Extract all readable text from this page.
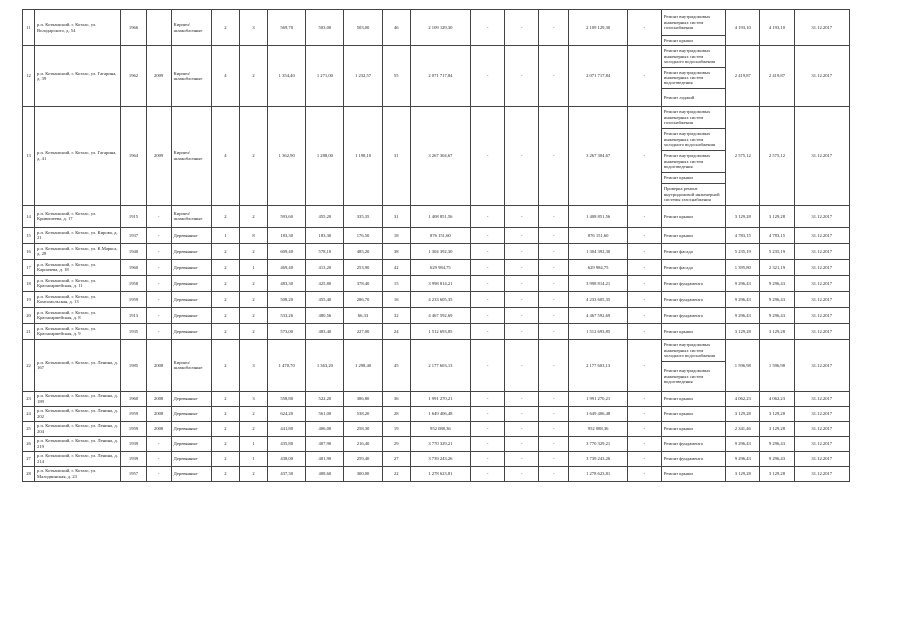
11	р.п. Коткашский, г. Котлас, ул. Володарского, д. 54	1966		Кирпич/ шлакоблочные	2	3	569,70	503,00	503,00	46	2 109 129,30	-	-	-	2 109 129,30	-	Ремонт внутридомовых инженерных систем газоснабжения	4 193,10	4 193,10	31.12.2017
																	Ремонт крыши			
12	р.п. Коткашский, г. Котлас, ул. Гагарина, д. 39	1962	2009	Кирпич/ шлакоблочные	4	2	1 354,40	1 271,00	1 232,57	55	2 071 717,84	-	-	-	2 071 717,84	-	Ремонт внутридомовых инженерных систем холодного водоснабжения	2 419,87	2 419,87	31.12.2017
																	Ремонт внутридомовых инженерных систем водоотведения			
																	Ремонт лоджий			
13	р.п. Коткашский, г. Котлас, ул. Гагарина, д. 41	1964	2009	Кирпич/ шлакоблочные	4	2	1 362,90	1 288,00	1 198,10	31	3 267 304,67	-	-	-	3 267 304,67	-	Ремонт внутридомовых инженерных систем газоснабжения	2 575,12	2 575,12	31.12.2017
																	Ремонт внутридомовых инженерных систем холодного водоснабжения			
																	Ремонт внутридомовых инженерных систем водоотведения			
																	Ремонт крыши			
																	Проверка ремонт внутридомовой инженерной системы газоснабжения			
14	р.п. Коткашский, г. Котлас, ул. Кривошеева, д. 17	1915	-	Кирпич/ шлакоблочные	2	2	593,60	455,20	335,35	31	1 408 851,56	-	-	-	1 408 851,56	-	Ремонт крыши	3 129,28	3 129,28	31.12.2017
15	р.п. Коткашский, г. Котлас, ул. Кирова, д. 21	1937	-	Деревянные	1	8	183,30	183,30	176,50	18	876 151,60	-	-	-	876 151,60	-	Ремонт крыши	4 783,15	4 783,15	31.12.2017
16	р.п. Коткашский, г. Котлас, ул. К.Маркса, д. 28	1940	-	Деревянные	2	2	609,40	578,10	485,20	38	1 304 392,30	-	-	-	1 304 392,30	-	Ремонт фасада	5 235,19	5 235,19	31.12.2017
17	р.п. Коткашский, г. Котлас, ул. Карпачева, д. 18	1960	-	Деревянные	2	1	469,40	413,20	253,90	42	629 984,75	-	-	-	629 984,75	-	Ремонт фасада	1 395,80	2 321,19	31.12.2017
18	р.п. Коткашский, г. Котлас, ул. Красноармейская, д. 11	1958	-	Деревянные	2	2	483,30	425,80	378,40	15	3 998 814,21	-	-	-	3 998 814,21	-	Ремонт фундамента	9 296,43	9 296,43	31.12.2017
19	р.п. Коткашский, г. Котлас, ул. Комсомольская, д. 13	1959	-	Деревянные	2	2	508,20	455,40	286,70	16	4 233 605,35	-	-	-	4 233 605,35	-	Ремонт фундамента	9 296,43	9 296,43	31.12.2017
20	р.п. Коткашский, г. Котлас, ул. Красноармейская, д. 8	1913	-	Деревянные	2	2	533,26	480,56	66,33	32	4 467 592,69	-	-	-	4 467 592,69	-	Ремонт фундамента	9 296,43	9 296,43	31.12.2017
21	р.п. Коткашский, г. Котлас, ул. Красноармейская, д. 9	1935	-	Деревянные	2	2	573,00	483,40	227,00	24	1 512 693,85	-	-	-	1 512 693,85	-	Ремонт крыши	3 129,28	3 129,28	31.12.2017
22	р.п. Коткашский, г. Котлас, ул. Ленина, д. 167	1985	2008	Кирпич/ шлакоблочные	2	3	1 470,70	1 363,20	1 298,40	45	2 177 603,13	-	-	-	2 177 603,13	-	Ремонт внутридомовых инженерных систем холодного водоснабжения	1 596,98	1 596,98	31.12.2017
																	Ремонт внутридомовых инженерных систем водоотведения			
23	р.п. Коткашский, г. Котлас, ул. Ленина, д. 189	1960	2008	Деревянные	2	3	558,80	522,20	386,80	36	1 991 270,21	-	-	-	1 991 270,21	-	Ремонт крыши	4 062,23	4 062,23	31.12.2017
24	р.п. Коткашский, г. Котлас, ул. Ленина, д. 202	1959	2008	Деревянные	2	2	624,20	561,00	538,20	28	1 649 406,48	-	-	-	1 649 406,48	-	Ремонт крыши	3 129,28	3 129,28	31.12.2017
25	р.п. Коткашский, г. Котлас, ул. Ленина, д. 204	1959	2008	Деревянные	2	2	441,80	406,00	258,30	19	952 088,36	-	-	-	952 088,36	-	Ремонт крыши	2 341,46	3 129,28	31.12.2017
26	р.п. Коткашский, г. Котлас, ул. Ленина, д. 219	1939	-	Деревянные	2	1	435,80	407,90	216,40	29	3 770 329,21	-	-	-	3 770 329,21	-	Ремонт фундамента	9 296,43	9 296,43	31.12.2017
27	р.п. Коткашский, г. Котлас, ул. Ленина, д. 214	1939	-	Деревянные	2	1	438,00	401,90	259,40	27	3 739 243,26	-	-	-	3 739 243,26	-	Ремонт фундамента	9 296,43	9 296,43	31.12.2017
28	р.п. Коткашский, г. Котлас, ул. Малодвинская, д. 23	1957	-	Деревянные	2	2	437,30	408,60	300,00	22	1 278 623,81	-	-	-	1 278 623,81	-	Ремонт крыши	3 129,28	3 129,28	31.12.2017
